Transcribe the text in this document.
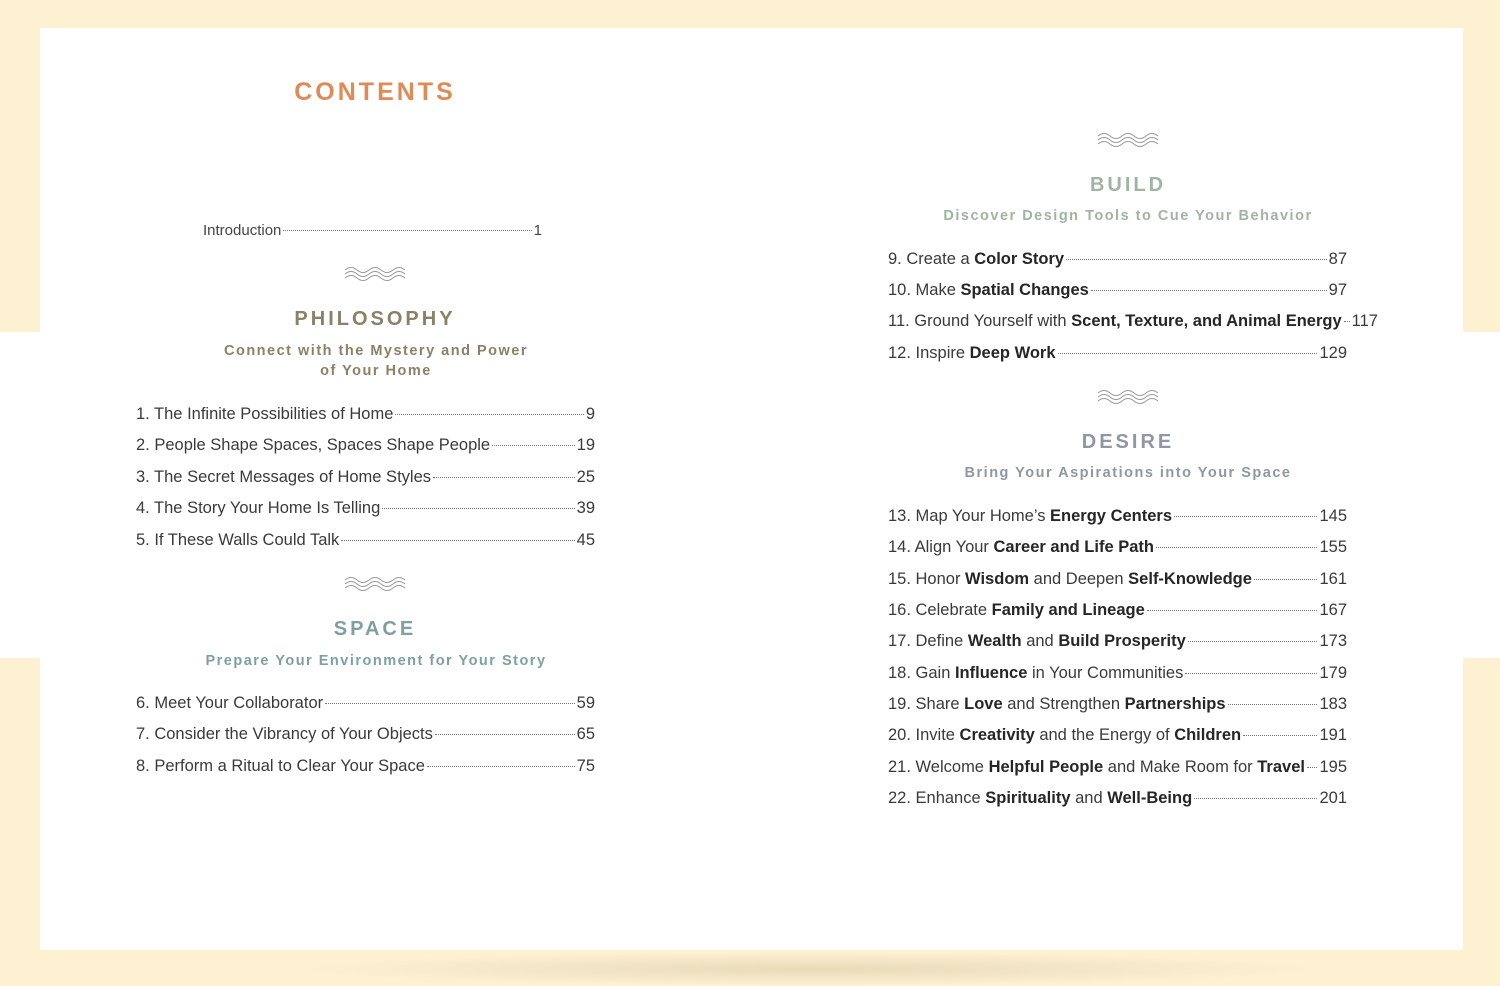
CONTENTS
Introduction	1
PHILOSOPHY
Connect with the Mystery and Power
of Your Home
SPACE
Prepare Your Environment for Your Story
BUILD
Discover Design Tools to Cue Your Behavior
DESIRE
Bring Your Aspirations into Your Space
1. The Infinite Possibilities of Home	9
2. People Shape Spaces, Spaces Shape People	19
3. The Secret Messages of Home Styles	25
4. The Story Your Home Is Telling	39
5. If These Walls Could Talk	45
6. Meet Your Collaborator	59
7. Consider the Vibrancy of Your Objects	65
8. Perform a Ritual to Clear Your Space	75
9. Create a Color Story	87
10. Make Spatial Changes	97
11. Ground Yourself with Scent, Texture, and Animal Energy 117
12. Inspire Deep Work	129
13. Map Your Home’s Energy Centers	145
14. Align Your Career and Life Path	155
15. Honor Wisdom and Deepen Self-Knowledge	161
16. Celebrate Family and Lineage	167
17. Define Wealth and Build Prosperity	173
18. Gain Influence in Your Communities	179
19. Share Love and Strengthen Partnerships	183
20. Invite Creativity and the Energy of Children	191
21. Welcome Helpful People and Make Room for Travel 195
22. Enhance Spirituality and Well-Being	201
